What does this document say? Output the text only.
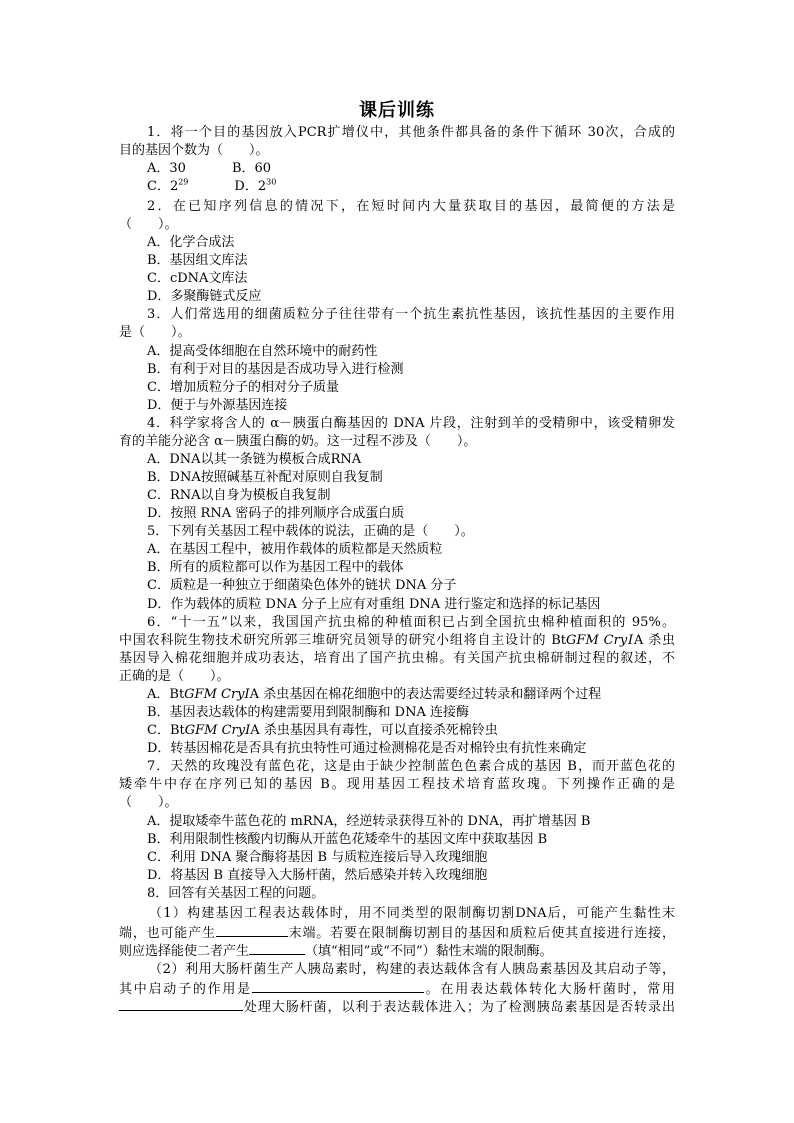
课后训练
1．将一个目的基因放入PCR扩增仪中，其他条件都具备的条件下循环 30次，合成的
目的基因个数为（　　）。
A．30	B．60
C．$2^{29}$	D．$2^{30}$
2．在已知序列信息的情况下，在短时间内大量获取目的基因，最简便的方法是
（　　）。
A．化学合成法
B．基因组文库法
C．cDNA文库法
D．多聚酶链式反应
3．人们常选用的细菌质粒分子往往带有一个抗生素抗性基因，该抗性基因的主要作用
是（　　）。
A．提高受体细胞在自然环境中的耐药性
B．有利于对目的基因是否成功导入进行检测
C．增加质粒分子的相对分子质量
D．便于与外源基因连接
4．科学家将含人的 α－胰蛋白酶基因的 DNA 片段，注射到羊的受精卵中，该受精卵发
育的羊能分泌含 α－胰蛋白酶的奶。这一过程不涉及（　　）。
A．DNA以其一条链为模板合成RNA
B．DNA按照碱基互补配对原则自我复制
C．RNA以自身为模板自我复制
D．按照 RNA 密码子的排列顺序合成蛋白质
5．下列有关基因工程中载体的说法，正确的是（　　）。
A．在基因工程中，被用作载体的质粒都是天然质粒
B．所有的质粒都可以作为基因工程中的载体
C．质粒是一种独立于细菌染色体外的链状 DNA 分子
D．作为载体的质粒 DNA 分子上应有对重组 DNA 进行鉴定和选择的标记基因
6．“十一五”以来，我国国产抗虫棉的种植面积已占到全国抗虫棉种植面积的 95%。
中国农科院生物技术研究所郭三堆研究员领导的研究小组将自主设计的 BtGFM CryⅠA 杀虫
基因导入棉花细胞并成功表达，培育出了国产抗虫棉。有关国产抗虫棉研制过程的叙述，不
正确的是（　　）。
A．BtGFM CryⅠA 杀虫基因在棉花细胞中的表达需要经过转录和翻译两个过程
B．基因表达载体的构建需要用到限制酶和 DNA 连接酶
C．BtGFM CryⅠA 杀虫基因具有毒性，可以直接杀死棉铃虫
D．转基因棉花是否具有抗虫特性可通过检测棉花是否对棉铃虫有抗性来确定
7．天然的玫瑰没有蓝色花，这是由于缺少控制蓝色色素合成的基因 B，而开蓝色花的
矮牵牛中存在序列已知的基因 B。现用基因工程技术培育蓝玫瑰。下列操作正确的是
（　　）。
A．提取矮牵牛蓝色花的 mRNA，经逆转录获得互补的 DNA，再扩增基因 B
B．利用限制性核酸内切酶从开蓝色花矮牵牛的基因文库中获取基因 B
C．利用 DNA 聚合酶将基因 B 与质粒连接后导入玫瑰细胞
D．将基因 B 直接导入大肠杆菌，然后感染并转入玫瑰细胞
8．回答有关基因工程的问题。
（1）构建基因工程表达载体时，用不同类型的限制酶切割DNA后，可能产生黏性末
端，也可能产生	末端。若要在限制酶切割目的基因和质粒后使其直接进行连接，
则应选择能使二者产生	（填“相同”或“不同”）黏性末端的限制酶。
（2）利用大肠杆菌生产人胰岛素时，构建的表达载体含有人胰岛素基因及其启动子等，
其中启动子的作用是	。在用表达载体转化大肠杆菌时，常用
处理大肠杆菌，以利于表达载体进入；为了检测胰岛素基因是否转录出
